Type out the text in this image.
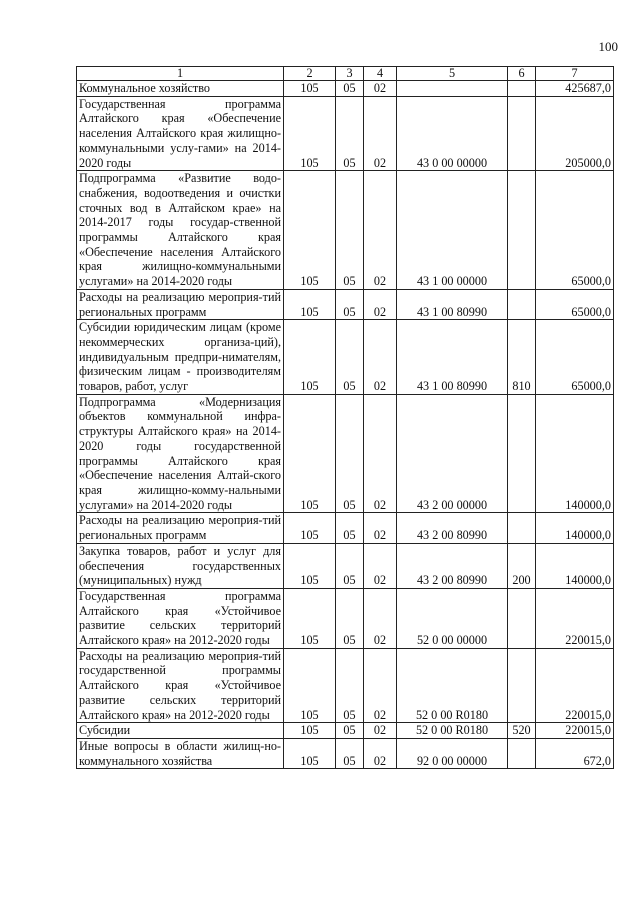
100
1	2	3	4	5	6	7
Коммунальное хозяйство	105	05	02			425687,0
Государственная программа Алтайского края «Обеспечение населения Алтайского края жилищно-коммунальными услу-гами» на 2014-2020 годы	105	05	02	43 0 00 00000		205000,0
Подпрограмма «Развитие водо-снабжения, водоотведения и очистки сточных вод в Алтайском крае» на 2014-2017 годы государ-ственной программы Алтайского края «Обеспечение населения Алтайского края жилищно-коммунальными услугами» на 2014-2020 годы	105	05	02	43 1 00 00000		65000,0
Расходы на реализацию мероприя-тий региональных программ	105	05	02	43 1 00 80990		65000,0
Субсидии юридическим лицам (кроме некоммерческих организа-ций), индивидуальным предпри-нимателям, физическим лицам - производителям товаров, работ, услуг	105	05	02	43 1 00 80990	810	65000,0
Подпрограмма «Модернизация объектов коммунальной инфра-структуры Алтайского края» на 2014-2020 годы государственной программы Алтайского края «Обеспечение населения Алтай-ского края жилищно-комму-нальными услугами» на 2014-2020 годы	105	05	02	43 2 00 00000		140000,0
Расходы на реализацию мероприя-тий региональных программ	105	05	02	43 2 00 80990		140000,0
Закупка товаров, работ и услуг для обеспечения государственных (муниципальных) нужд	105	05	02	43 2 00 80990	200	140000,0
Государственная программа Алтайского края «Устойчивое развитие сельских территорий Алтайского края» на 2012-2020 годы	105	05	02	52 0 00 00000		220015,0
Расходы на реализацию мероприя-тий государственной программы Алтайского края «Устойчивое развитие сельских территорий Алтайского края» на 2012-2020 годы	105	05	02	52 0 00 R0180		220015,0
Субсидии	105	05	02	52 0 00 R0180	520	220015,0
Иные вопросы в области жилищ-но-коммунального хозяйства	105	05	02	92 0 00 00000		672,0
